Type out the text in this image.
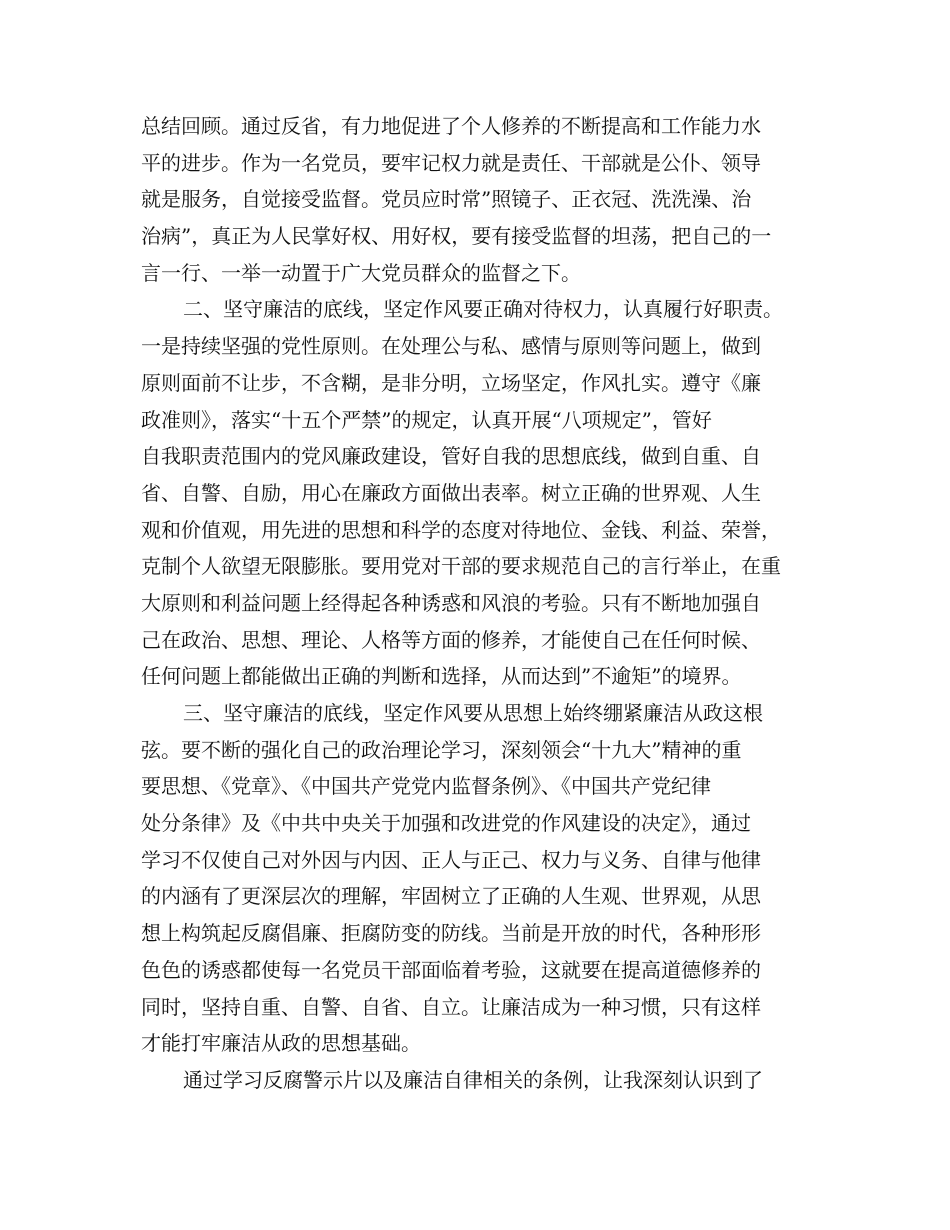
总结回顾。通过反省，有力地促进了个人修养的不断提高和工作能力水
平的进步。作为一名党员，要牢记权力就是责任、干部就是公仆、领导
就是服务，自觉接受监督。党员应时常”照镜子、正衣冠、洗洗澡、治
治病”，真正为人民掌好权、用好权，要有接受监督的坦荡，把自己的一
言一行、一举一动置于广大党员群众的监督之下。
二、坚守廉洁的底线，坚定作风要正确对待权力，认真履行好职责。
一是持续坚强的党性原则。在处理公与私、感情与原则等问题上，做到
原则面前不让步，不含糊，是非分明，立场坚定，作风扎实。遵守《廉
政准则》，落实“十五个严禁”的规定，认真开展“八项规定”，管好
自我职责范围内的党风廉政建设，管好自我的思想底线，做到自重、自
省、自警、自励，用心在廉政方面做出表率。树立正确的世界观、人生
观和价值观，用先进的思想和科学的态度对待地位、金钱、利益、荣誉，
克制个人欲望无限膨胀。要用党对干部的要求规范自己的言行举止，在重
大原则和利益问题上经得起各种诱惑和风浪的考验。只有不断地加强自
己在政治、思想、理论、人格等方面的修养，才能使自己在任何时候、
任何问题上都能做出正确的判断和选择，从而达到”不逾矩”的境界。
三、坚守廉洁的底线，坚定作风要从思想上始终绷紧廉洁从政这根
弦。要不断的强化自己的政治理论学习，深刻领会“十九大”精神的重
要思想、《党章》、《中国共产党党内监督条例》、《中国共产党纪律
处分条律》及《中共中央关于加强和改进党的作风建设的决定》，通过
学习不仅使自己对外因与内因、正人与正己、权力与义务、自律与他律
的内涵有了更深层次的理解，牢固树立了正确的人生观、世界观，从思
想上构筑起反腐倡廉、拒腐防变的防线。当前是开放的时代，各种形形
色色的诱惑都使每一名党员干部面临着考验，这就要在提高道德修养的
同时，坚持自重、自警、自省、自立。让廉洁成为一种习惯，只有这样
才能打牢廉洁从政的思想基础。
通过学习反腐警示片以及廉洁自律相关的条例，让我深刻认识到了
